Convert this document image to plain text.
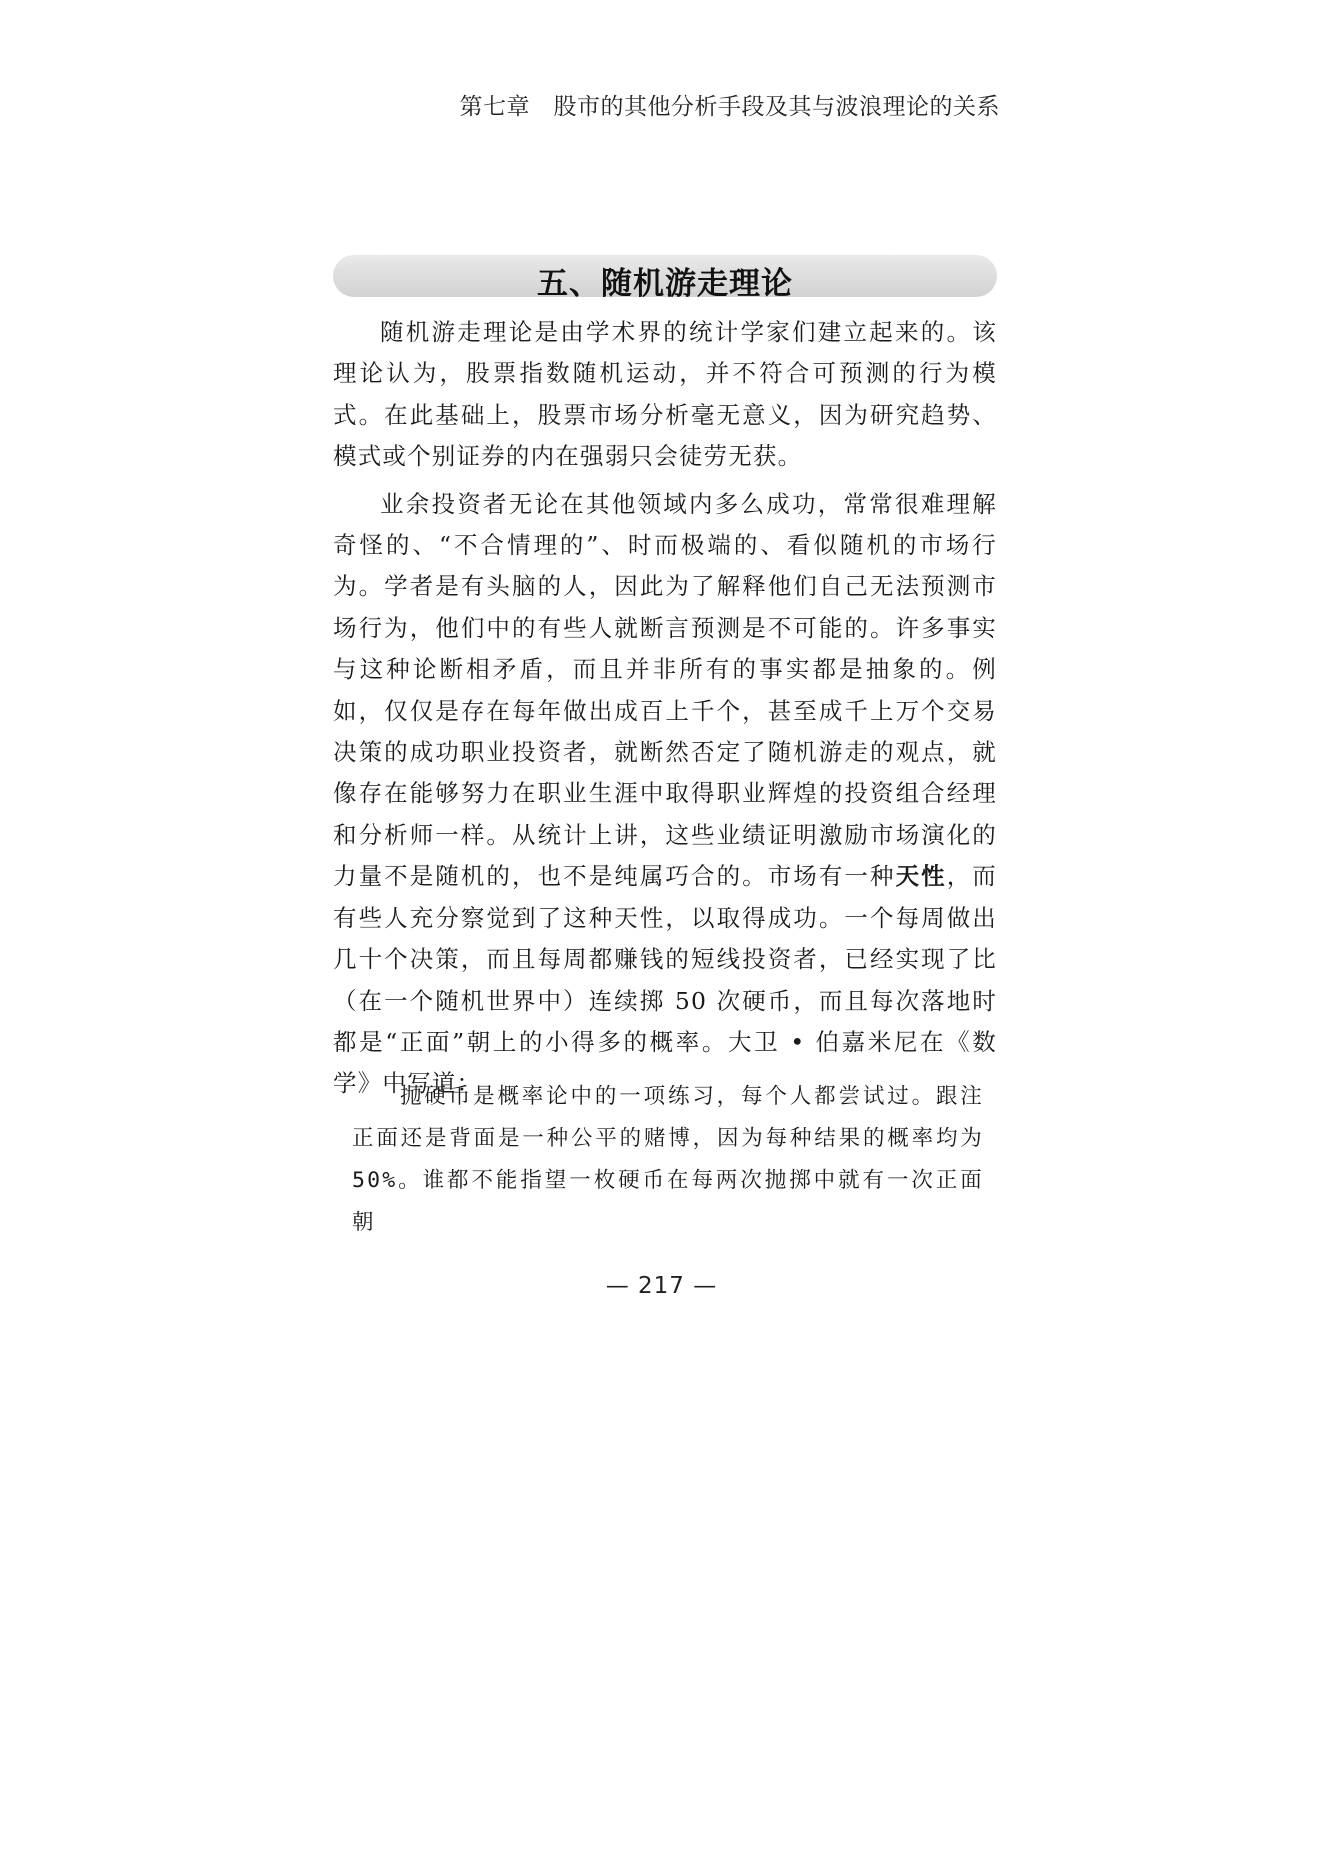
第七章　股市的其他分析手段及其与波浪理论的关系
五、随机游走理论

随机游走理论是由学术界的统计学家们建立起来的。该理论认为，股票指数随机运动，并不符合可预测的行为模式。在此基础上，股票市场分析毫无意义，因为研究趋势、模式或个别证券的内在强弱只会徒劳无获。

业余投资者无论在其他领域内多么成功，常常很难理解奇怪的、“不合情理的”、时而极端的、看似随机的市场行为。学者是有头脑的人，因此为了解释他们自己无法预测市场行为，他们中的有些人就断言预测是不可能的。许多事实与这种论断相矛盾，而且并非所有的事实都是抽象的。例如，仅仅是存在每年做出成百上千个，甚至成千上万个交易决策的成功职业投资者，就断然否定了随机游走的观点，就像存在能够努力在职业生涯中取得职业辉煌的投资组合经理和分析师一样。从统计上讲，这些业绩证明激励市场演化的力量不是随机的，也不是纯属巧合的。市场有一种天性，而有些人充分察觉到了这种天性，以取得成功。一个每周做出几十个决策，而且每周都赚钱的短线投资者，已经实现了比（在一个随机世界中）连续掷 50 次硬币，而且每次落地时都是“正面”朝上的小得多的概率。大卫 • 伯嘉米尼在《数学》中写道：

抛硬币是概率论中的一项练习，每个人都尝试过。跟注正面还是背面是一种公平的赌博，因为每种结果的概率均为 50%。谁都不能指望一枚硬币在每两次抛掷中就有一次正面朝

— 217 —
